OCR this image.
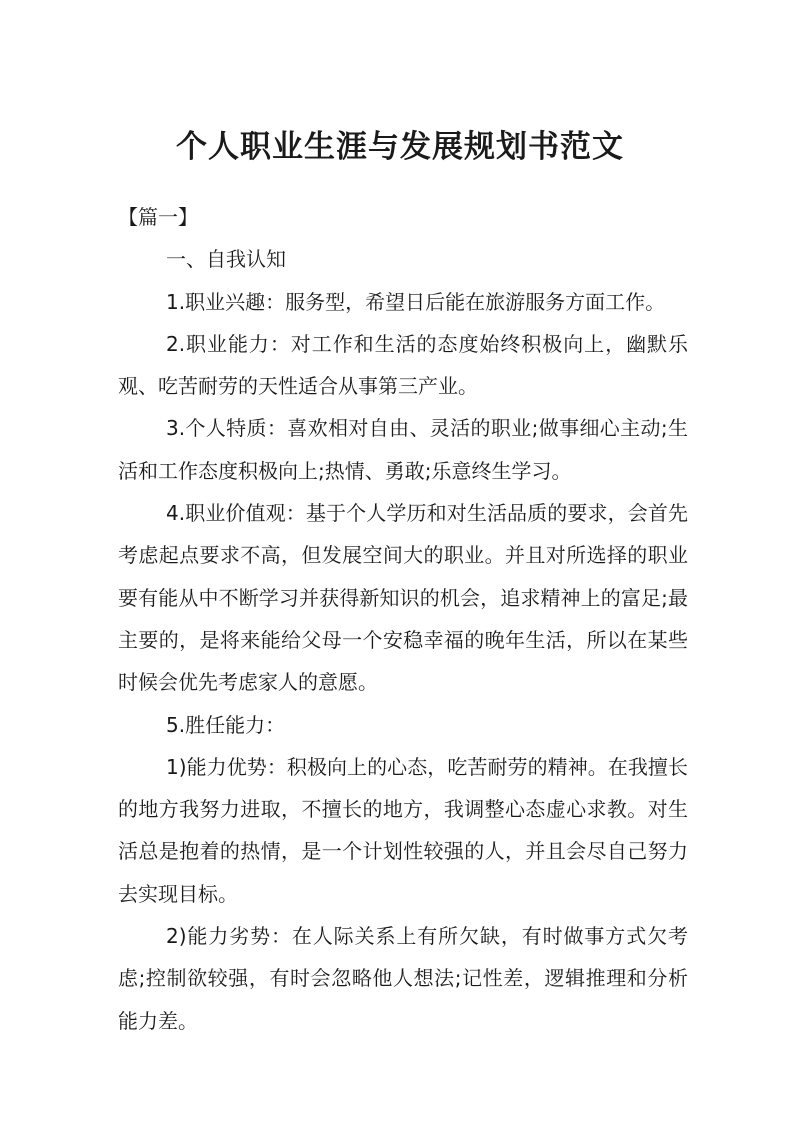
个人职业生涯与发展规划书范文

【篇一】

一、自我认知

1.职业兴趣：服务型，希望日后能在旅游服务方面工作。

2.职业能力：对工作和生活的态度始终积极向上，幽默乐观、吃苦耐劳的天性适合从事第三产业。

3.个人特质：喜欢相对自由、灵活的职业;做事细心主动;生活和工作态度积极向上;热情、勇敢;乐意终生学习。

4.职业价值观：基于个人学历和对生活品质的要求，会首先考虑起点要求不高，但发展空间大的职业。并且对所选择的职业要有能从中不断学习并获得新知识的机会，追求精神上的富足;最主要的，是将来能给父母一个安稳幸福的晚年生活，所以在某些时候会优先考虑家人的意愿。

5.胜任能力：

1)能力优势：积极向上的心态，吃苦耐劳的精神。在我擅长的地方我努力进取，不擅长的地方，我调整心态虚心求教。对生活总是抱着的热情，是一个计划性较强的人，并且会尽自己努力去实现目标。

2)能力劣势：在人际关系上有所欠缺，有时做事方式欠考虑;控制欲较强，有时会忽略他人想法;记性差，逻辑推理和分析能力差。
